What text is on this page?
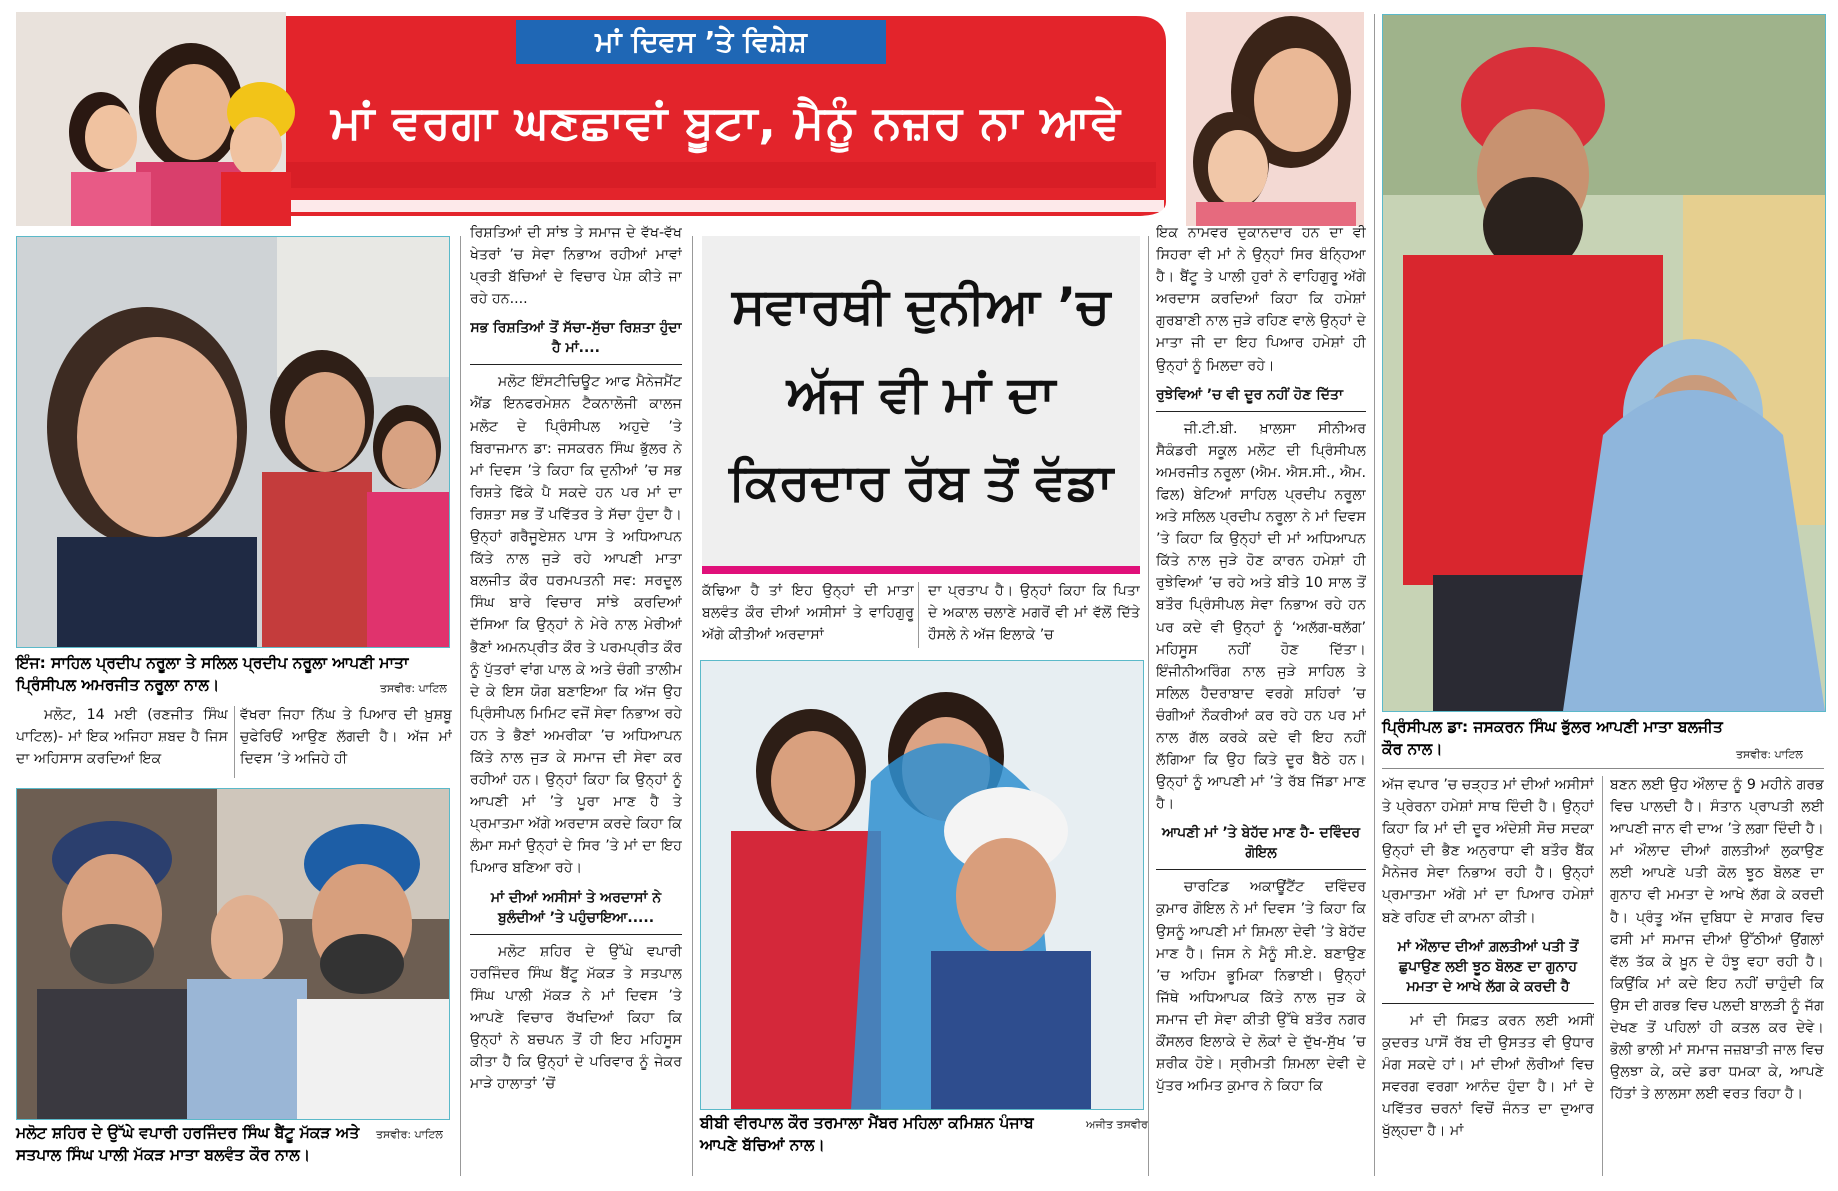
ਮਾਂ ਦਿਵਸ ’ਤੇ ਵਿਸ਼ੇਸ਼
ਮਾਂ ਵਰਗਾ ਘਣਛਾਵਾਂ ਬੂਟਾ, ਮੈਨੂੰ ਨਜ਼ਰ ਨਾ ਆਵੇ
ਇੰਜ: ਸਾਹਿਲ ਪ੍ਰਦੀਪ ਨਰੂਲਾ ਤੇ ਸਲਿਲ ਪ੍ਰਦੀਪ ਨਰੂਲਾ ਆਪਣੀ ਮਾਤਾ ਪ੍ਰਿੰਸੀਪਲ ਅਮਰਜੀਤ ਨਰੂਲਾ ਨਾਲ।

ਮਲੋਟ, 14 ਮਈ (ਰਣਜੀਤ ਸਿੰਘ ਪਾਟਿਲ)- ਮਾਂ ਇਕ ਅਜਿਹਾ ਸ਼ਬਦ ਹੈ ਜਿਸ ਦਾ ਅਹਿਸਾਸ ਕਰਦਿਆਂ ਇਕ

ਵੱਖਰਾ ਜਿਹਾ ਨਿੱਘ ਤੇ ਪਿਆਰ ਦੀ ਖ਼ੁਸ਼ਬੂ ਚੁਫੇਰਿਓਂ ਆਉਣ ਲੱਗਦੀ ਹੈ। ਅੱਜ ਮਾਂ ਦਿਵਸ ’ਤੇ ਅਜਿਹੇ ਹੀ

ਮਲੋਟ ਸ਼ਹਿਰ ਦੇ ਉੱਘੇ ਵਪਾਰੀ ਹਰਜਿੰਦਰ ਸਿੰਘ ਬੈਂਟੂ ਮੱਕੜ ਅਤੇ ਸਤਪਾਲ ਸਿੰਘ ਪਾਲੀ ਮੱਕੜ ਮਾਤਾ ਬਲਵੰਤ ਕੌਰ ਨਾਲ।
ਤਸਵੀਰ: ਪਾਟਿਲ

ਰਿਸ਼ਤਿਆਂ ਦੀ ਸਾਂਝ ਤੇ ਸਮਾਜ ਦੇ ਵੱਖ-ਵੱਖ ਖੇਤਰਾਂ ’ਚ ਸੇਵਾ ਨਿਭਾਅ ਰਹੀਆਂ ਮਾਵਾਂ ਪ੍ਰਤੀ ਬੱਚਿਆਂ ਦੇ ਵਿਚਾਰ ਪੇਸ਼ ਕੀਤੇ ਜਾ ਰਹੇ ਹਨ....

ਸਭ ਰਿਸ਼ਤਿਆਂ ਤੋਂ ਸੱਚਾ-ਸੁੱਚਾ ਰਿਸ਼ਤਾ ਹੁੰਦਾ ਹੈ ਮਾਂ....

ਮਲੋਟ ਇੰਸਟੀਚਿਊਟ ਆਫ ਮੈਨੇਜਮੈਂਟ ਐਂਡ ਇਨਫਰਮੇਸ਼ਨ ਟੈਕਨਾਲੋਜੀ ਕਾਲਜ ਮਲੋਟ ਦੇ ਪ੍ਰਿੰਸੀਪਲ ਅਹੁਦੇ ’ਤੇ ਬਿਰਾਜਮਾਨ ਡਾ: ਜਸਕਰਨ ਸਿੰਘ ਭੁੱਲਰ ਨੇ ਮਾਂ ਦਿਵਸ ’ਤੇ ਕਿਹਾ ਕਿ ਦੁਨੀਆਂ ’ਚ ਸਭ ਰਿਸ਼ਤੇ ਫਿੱਕੇ ਪੈ ਸਕਦੇ ਹਨ ਪਰ ਮਾਂ ਦਾ ਰਿਸ਼ਤਾ ਸਭ ਤੋਂ ਪਵਿੱਤਰ ਤੇ ਸੱਚਾ ਹੁੰਦਾ ਹੈ। ਉਨ੍ਹਾਂ ਗਰੈਜੂਏਸ਼ਨ ਪਾਸ ਤੇ ਅਧਿਆਪਨ ਕਿੱਤੇ ਨਾਲ ਜੁੜੇ ਰਹੇ ਆਪਣੀ ਮਾਤਾ ਬਲਜੀਤ ਕੌਰ ਧਰਮਪਤਨੀ ਸਵ: ਸਰਦੂਲ ਸਿੰਘ ਬਾਰੇ ਵਿਚਾਰ ਸਾਂਝੇ ਕਰਦਿਆਂ ਦੱਸਿਆ ਕਿ ਉਨ੍ਹਾਂ ਨੇ ਮੇਰੇ ਨਾਲ ਮੇਰੀਆਂ ਭੈਣਾਂ ਅਮਨਪ੍ਰੀਤ ਕੌਰ ਤੇ ਪਰਮਪ੍ਰੀਤ ਕੌਰ ਨੂੰ ਪੁੱਤਰਾਂ ਵਾਂਗ ਪਾਲ ਕੇ ਅਤੇ ਚੰਗੀ ਤਾਲੀਮ ਦੇ ਕੇ ਇਸ ਯੋਗ ਬਣਾਇਆ ਕਿ ਅੱਜ ਉਹ ਪ੍ਰਿੰਸੀਪਲ ਮਿਮਿਟ ਵਜੋਂ ਸੇਵਾ ਨਿਭਾਅ ਰਹੇ ਹਨ ਤੇ ਭੈਣਾਂ ਅਮਰੀਕਾ ’ਚ ਅਧਿਆਪਨ ਕਿੱਤੇ ਨਾਲ ਜੁੜ ਕੇ ਸਮਾਜ ਦੀ ਸੇਵਾ ਕਰ ਰਹੀਆਂ ਹਨ। ਉਨ੍ਹਾਂ ਕਿਹਾ ਕਿ ਉਨ੍ਹਾਂ ਨੂੰ ਆਪਣੀ ਮਾਂ ’ਤੇ ਪੂਰਾ ਮਾਣ ਹੈ ਤੇ ਪ੍ਰਮਾਤਮਾ ਅੱਗੇ ਅਰਦਾਸ ਕਰਦੇ ਕਿਹਾ ਕਿ ਲੰਮਾ ਸਮਾਂ ਉਨ੍ਹਾਂ ਦੇ ਸਿਰ ’ਤੇ ਮਾਂ ਦਾ ਇਹ ਪਿਆਰ ਬਣਿਆ ਰਹੇ।

ਮਾਂ ਦੀਆਂ ਅਸੀਸਾਂ ਤੇ ਅਰਦਾਸਾਂ ਨੇ ਬੁਲੰਦੀਆਂ ’ਤੇ ਪਹੁੰਚਾਇਆ.....

ਮਲੋਟ ਸ਼ਹਿਰ ਦੇ ਉੱਘੇ ਵਪਾਰੀ ਹਰਜਿੰਦਰ ਸਿੰਘ ਬੈਂਟੂ ਮੱਕੜ ਤੇ ਸਤਪਾਲ ਸਿੰਘ ਪਾਲੀ ਮੱਕੜ ਨੇ ਮਾਂ ਦਿਵਸ ’ਤੇ ਆਪਣੇ ਵਿਚਾਰ ਰੱਖਦਿਆਂ ਕਿਹਾ ਕਿ ਉਨ੍ਹਾਂ ਨੇ ਬਚਪਨ ਤੋਂ ਹੀ ਇਹ ਮਹਿਸੂਸ ਕੀਤਾ ਹੈ ਕਿ ਉਨ੍ਹਾਂ ਦੇ ਪਰਿਵਾਰ ਨੂੰ ਜੇਕਰ ਮਾੜੇ ਹਾਲਾਤਾਂ ’ਚੋਂ

ਸਵਾਰਥੀ ਦੁਨੀਆ ’ਚ
ਅੱਜ ਵੀ ਮਾਂ ਦਾ
ਕਿਰਦਾਰ ਰੱਬ ਤੋਂ ਵੱਡਾ

ਕੱਢਿਆ ਹੈ ਤਾਂ ਇਹ ਉਨ੍ਹਾਂ ਦੀ ਮਾਤਾ ਬਲਵੰਤ ਕੌਰ ਦੀਆਂ ਅਸੀਸਾਂ ਤੇ ਵਾਹਿਗੁਰੂ ਅੱਗੇ ਕੀਤੀਆਂ ਅਰਦਾਸਾਂ

ਦਾ ਪ੍ਰਤਾਪ ਹੈ। ਉਨ੍ਹਾਂ ਕਿਹਾ ਕਿ ਪਿਤਾ ਦੇ ਅਕਾਲ ਚਲਾਣੇ ਮਗਰੋਂ ਵੀ ਮਾਂ ਵੱਲੋਂ ਦਿੱਤੇ ਹੌਸਲੇ ਨੇ ਅੱਜ ਇਲਾਕੇ ’ਚ

ਬੀਬੀ ਵੀਰਪਾਲ ਕੌਰ ਤਰਮਾਲਾ ਮੈਂਬਰ ਮਹਿਲਾ ਕਮਿਸ਼ਨ ਪੰਜਾਬ ਆਪਣੇ ਬੱਚਿਆਂ ਨਾਲ।
ਅਜੀਤ ਤਸਵੀਰ

ਇਕ ਨਾਮਵਰ ਦੁਕਾਨਦਾਰ ਹਨ ਦਾ ਵੀ ਸਿਹਰਾ ਵੀ ਮਾਂ ਨੇ ਉਨ੍ਹਾਂ ਸਿਰ ਬੰਨ੍ਹਿਆ ਹੈ। ਬੈਂਟੂ ਤੇ ਪਾਲੀ ਹੁਰਾਂ ਨੇ ਵਾਹਿਗੁਰੂ ਅੱਗੇ ਅਰਦਾਸ ਕਰਦਿਆਂ ਕਿਹਾ ਕਿ ਹਮੇਸ਼ਾਂ ਗੁਰਬਾਣੀ ਨਾਲ ਜੁੜੇ ਰਹਿਣ ਵਾਲੇ ਉਨ੍ਹਾਂ ਦੇ ਮਾਤਾ ਜੀ ਦਾ ਇਹ ਪਿਆਰ ਹਮੇਸ਼ਾਂ ਹੀ ਉਨ੍ਹਾਂ ਨੂੰ ਮਿਲਦਾ ਰਹੇ।

ਰੁਝੇਵਿਆਂ ’ਚ ਵੀ ਦੂਰ ਨਹੀਂ ਹੋਣ ਦਿੱਤਾ

ਜੀ.ਟੀ.ਬੀ. ਖ਼ਾਲਸਾ ਸੀਨੀਅਰ ਸੈਕੰਡਰੀ ਸਕੂਲ ਮਲੋਟ ਦੀ ਪ੍ਰਿੰਸੀਪਲ ਅਮਰਜੀਤ ਨਰੂਲਾ (ਐਮ. ਐਸ.ਸੀ., ਐਮ. ਫਿਲ) ਬੇਟਿਆਂ ਸਾਹਿਲ ਪ੍ਰਦੀਪ ਨਰੂਲਾ ਅਤੇ ਸਲਿਲ ਪ੍ਰਦੀਪ ਨਰੂਲਾ ਨੇ ਮਾਂ ਦਿਵਸ ’ਤੇ ਕਿਹਾ ਕਿ ਉਨ੍ਹਾਂ ਦੀ ਮਾਂ ਅਧਿਆਪਨ ਕਿੱਤੇ ਨਾਲ ਜੁੜੇ ਹੋਣ ਕਾਰਨ ਹਮੇਸ਼ਾਂ ਹੀ ਰੁਝੇਵਿਆਂ ’ਚ ਰਹੇ ਅਤੇ ਬੀਤੇ 10 ਸਾਲ ਤੋਂ ਬਤੌਰ ਪ੍ਰਿੰਸੀਪਲ ਸੇਵਾ ਨਿਭਾਅ ਰਹੇ ਹਨ ਪਰ ਕਦੇ ਵੀ ਉਨ੍ਹਾਂ ਨੂੰ ‘ਅਲੱਗ-ਥਲੱਗ’ ਮਹਿਸੂਸ ਨਹੀਂ ਹੋਣ ਦਿੱਤਾ। ਇੰਜੀਨੀਅਰਿੰਗ ਨਾਲ ਜੁੜੇ ਸਾਹਿਲ ਤੇ ਸਲਿਲ ਹੈਦਰਾਬਾਦ ਵਰਗੇ ਸ਼ਹਿਰਾਂ ’ਚ ਚੰਗੀਆਂ ਨੌਕਰੀਆਂ ਕਰ ਰਹੇ ਹਨ ਪਰ ਮਾਂ ਨਾਲ ਗੱਲ ਕਰਕੇ ਕਦੇ ਵੀ ਇਹ ਨਹੀਂ ਲੱਗਿਆ ਕਿ ਉਹ ਕਿਤੇ ਦੂਰ ਬੈਠੇ ਹਨ। ਉਨ੍ਹਾਂ ਨੂੰ ਆਪਣੀ ਮਾਂ ’ਤੇ ਰੱਬ ਜਿੱਡਾ ਮਾਣ ਹੈ।

ਆਪਣੀ ਮਾਂ ’ਤੇ ਬੇਹੱਦ ਮਾਣ ਹੈ- ਦਵਿੰਦਰ ਗੋਇਲ

ਚਾਰਟਿਡ ਅਕਾਊਂਟੈਂਟ ਦਵਿੰਦਰ ਕੁਮਾਰ ਗੋਇਲ ਨੇ ਮਾਂ ਦਿਵਸ ’ਤੇ ਕਿਹਾ ਕਿ ਉਸਨੂੰ ਆਪਣੀ ਮਾਂ ਸ਼ਿਮਲਾ ਦੇਵੀ ’ਤੇ ਬੇਹੱਦ ਮਾਣ ਹੈ। ਜਿਸ ਨੇ ਮੈਨੂੰ ਸੀ.ਏ. ਬਣਾਉਣ ’ਚ ਅਹਿਮ ਭੂਮਿਕਾ ਨਿਭਾਈ। ਉਨ੍ਹਾਂ ਜਿੱਥੇ ਅਧਿਆਪਕ ਕਿੱਤੇ ਨਾਲ ਜੁੜ ਕੇ ਸਮਾਜ ਦੀ ਸੇਵਾ ਕੀਤੀ ਉੱਥੇ ਬਤੌਰ ਨਗਰ ਕੌਂਸਲਰ ਇਲਾਕੇ ਦੇ ਲੋਕਾਂ ਦੇ ਦੁੱਖ-ਸੁੱਖ ’ਚ ਸ਼ਰੀਕ ਹੋਏ। ਸ੍ਰੀਮਤੀ ਸ਼ਿਮਲਾ ਦੇਵੀ ਦੇ ਪੁੱਤਰ ਅਮਿਤ ਕੁਮਾਰ ਨੇ ਕਿਹਾ ਕਿ

ਪ੍ਰਿੰਸੀਪਲ ਡਾ: ਜਸਕਰਨ ਸਿੰਘ ਭੁੱਲਰ ਆਪਣੀ ਮਾਤਾ ਬਲਜੀਤ ਕੌਰ ਨਾਲ।	ਤਸਵੀਰ: ਪਾਟਿਲ

ਅੱਜ ਵਪਾਰ ’ਚ ਚੜ੍ਹਤ ਮਾਂ ਦੀਆਂ ਅਸੀਸਾਂ ਤੇ ਪ੍ਰੇਰਨਾ ਹਮੇਸ਼ਾਂ ਸਾਥ ਦਿੰਦੀ ਹੈ। ਉਨ੍ਹਾਂ ਕਿਹਾ ਕਿ ਮਾਂ ਦੀ ਦੂਰ ਅੰਦੇਸ਼ੀ ਸੋਚ ਸਦਕਾ ਉਨ੍ਹਾਂ ਦੀ ਭੈਣ ਅਨੁਰਾਧਾ ਵੀ ਬਤੌਰ ਬੈਂਕ ਮੈਨੇਜਰ ਸੇਵਾ ਨਿਭਾਅ ਰਹੀ ਹੈ। ਉਨ੍ਹਾਂ ਪ੍ਰਮਾਤਮਾ ਅੱਗੇ ਮਾਂ ਦਾ ਪਿਆਰ ਹਮੇਸ਼ਾਂ ਬਣੇ ਰਹਿਣ ਦੀ ਕਾਮਨਾ ਕੀਤੀ।

ਮਾਂ ਔਲਾਦ ਦੀਆਂ ਗ਼ਲਤੀਆਂ ਪਤੀ ਤੋਂ ਛੁਪਾਉਣ ਲਈ ਝੂਠ ਬੋਲਣ ਦਾ ਗੁਨਾਹ ਮਮਤਾ ਦੇ ਆਖੇ ਲੱਗ ਕੇ ਕਰਦੀ ਹੈ

ਮਾਂ ਦੀ ਸਿਫ਼ਤ ਕਰਨ ਲਈ ਅਸੀਂ ਕੁਦਰਤ ਪਾਸੋਂ ਰੱਬ ਦੀ ਉਸਤਤ ਵੀ ਉਧਾਰ ਮੰਗ ਸਕਦੇ ਹਾਂ। ਮਾਂ ਦੀਆਂ ਲੋਰੀਆਂ ਵਿਚ ਸਵਰਗ ਵਰਗਾ ਆਨੰਦ ਹੁੰਦਾ ਹੈ। ਮਾਂ ਦੇ ਪਵਿੱਤਰ ਚਰਨਾਂ ਵਿਚੋਂ ਜੰਨਤ ਦਾ ਦੁਆਰ ਖੁੱਲ੍ਹਦਾ ਹੈ। ਮਾਂ

ਬਣਨ ਲਈ ਉਹ ਔਲਾਦ ਨੂੰ 9 ਮਹੀਨੇ ਗਰਭ ਵਿਚ ਪਾਲਦੀ ਹੈ। ਸੰਤਾਨ ਪ੍ਰਾਪਤੀ ਲਈ ਆਪਣੀ ਜਾਨ ਵੀ ਦਾਅ ’ਤੇ ਲਗਾ ਦਿੰਦੀ ਹੈ। ਮਾਂ ਔਲਾਦ ਦੀਆਂ ਗਲਤੀਆਂ ਲੁਕਾਉਣ ਲਈ ਆਪਣੇ ਪਤੀ ਕੋਲ ਝੂਠ ਬੋਲਣ ਦਾ ਗੁਨਾਹ ਵੀ ਮਮਤਾ ਦੇ ਆਖੇ ਲੱਗ ਕੇ ਕਰਦੀ ਹੈ। ਪ੍ਰੰਤੂ ਅੱਜ ਦੁਬਿਧਾ ਦੇ ਸਾਗਰ ਵਿਚ ਫਸੀ ਮਾਂ ਸਮਾਜ ਦੀਆਂ ਉੱਠੀਆਂ ਉਂਗਲਾਂ ਵੱਲ ਤੱਕ ਕੇ ਖ਼ੂਨ ਦੇ ਹੰਝੂ ਵਹਾ ਰਹੀ ਹੈ। ਕਿਉਂਕਿ ਮਾਂ ਕਦੇ ਇਹ ਨਹੀਂ ਚਾਹੁੰਦੀ ਕਿ ਉਸ ਦੀ ਗਰਭ ਵਿਚ ਪਲਦੀ ਬਾਲੜੀ ਨੂੰ ਜੱਗ ਦੇਖਣ ਤੋਂ ਪਹਿਲਾਂ ਹੀ ਕਤਲ ਕਰ ਦੇਵੇ। ਭੋਲੀ ਭਾਲੀ ਮਾਂ ਸਮਾਜ ਜਜ਼ਬਾਤੀ ਜਾਲ ਵਿਚ ਉਲਝਾ ਕੇ, ਕਦੇ ਡਰਾ ਧਮਕਾ ਕੇ, ਆਪਣੇ ਹਿੱਤਾਂ ਤੇ ਲਾਲਸਾ ਲਈ ਵਰਤ ਰਿਹਾ ਹੈ।

ਤਸਵੀਰ: ਪਾਟਿਲ
